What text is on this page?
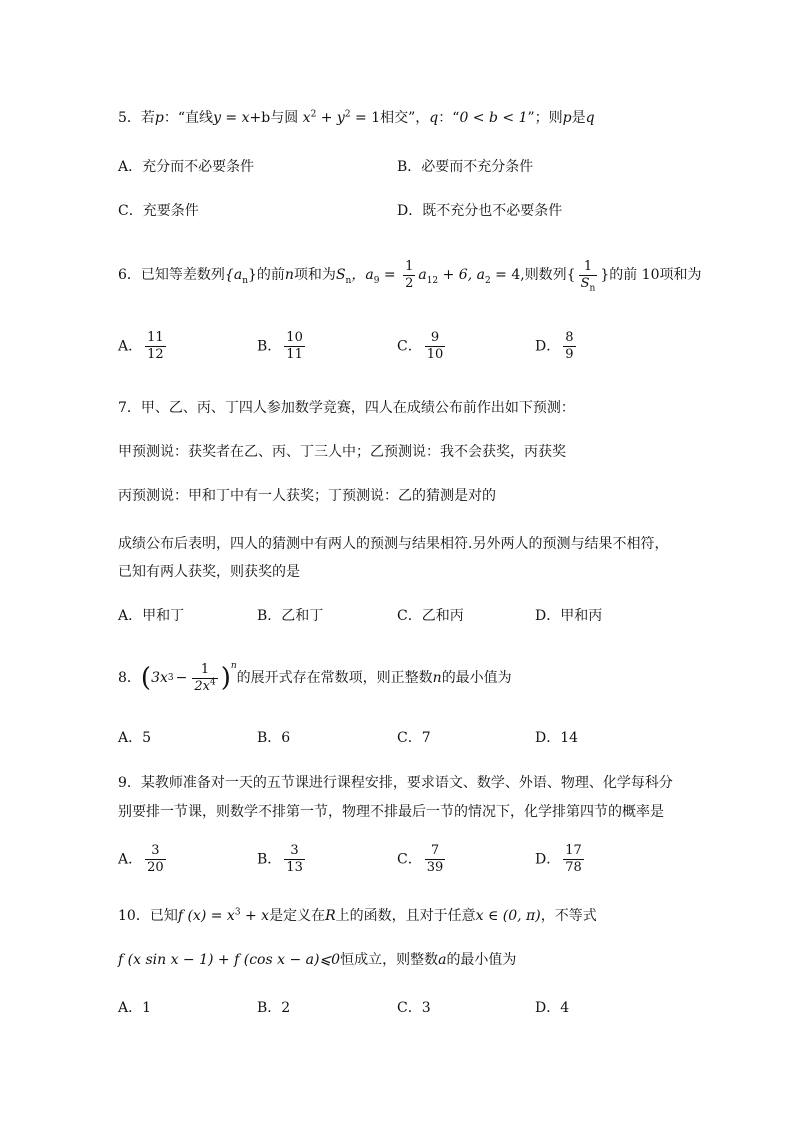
5．若p：“直线y = x+b与圆 $x^2 + y^2 = 1$相交”，q：“0 < b < 1”；则p是q
A．充分而不必要条件	B．必要而不充分条件
C．充要条件	D．既不充分也不必要条件
6．已知等差数列$\{a_n\}$的前n项和为$S_n$，$a_9 = \frac{1}{2} a_{12} + 6$, $a_2 = 4$,则数列{ $\frac{1}{S_n}$ }的前 10项和为
A． $\frac{11}{12}$	B． $\frac{10}{11}$	C． $\frac{9}{10}$	D． $\frac{8}{9}$
7．甲、乙、丙、丁四人参加数学竞赛，四人在成绩公布前作出如下预测：
甲预测说：获奖者在乙、丙、丁三人中；乙预测说：我不会获奖，丙获奖
丙预测说：甲和丁中有一人获奖；丁预测说：乙的猜测是对的
成绩公布后表明，四人的猜测中有两人的预测与结果相符.另外两人的预测与结果不相符，
已知有两人获奖，则获奖的是
A．甲和丁	B．乙和丁	C．乙和丙	D．甲和丙
8． ( 3x $3 - \frac{1}{2x^4} )^n$
的展开式存在常数项，则正整数n的最小值为
A．5	B．6	C．7	D．14
9．某教师准备对一天的五节课进行课程安排，要求语文、数学、外语、物理、化学每科分
别要排一节课，则数学不排第一节，物理不排最后一节的情况下，化学排第四节的概率是
A． $\frac{3}{20}$	B． $\frac{3}{13}$	C． $\frac{7}{39}$	D． $\frac{17}{78}$
10．已知f $(x) = x^3 + x$是定义在R上的函数，且对于任意x ∈ (0, π)，不等式
f (x sin x − 1) + f (cos x − a)⩽0恒成立，则整数a的最小值为
A．1	B．2	C．3	D．4
